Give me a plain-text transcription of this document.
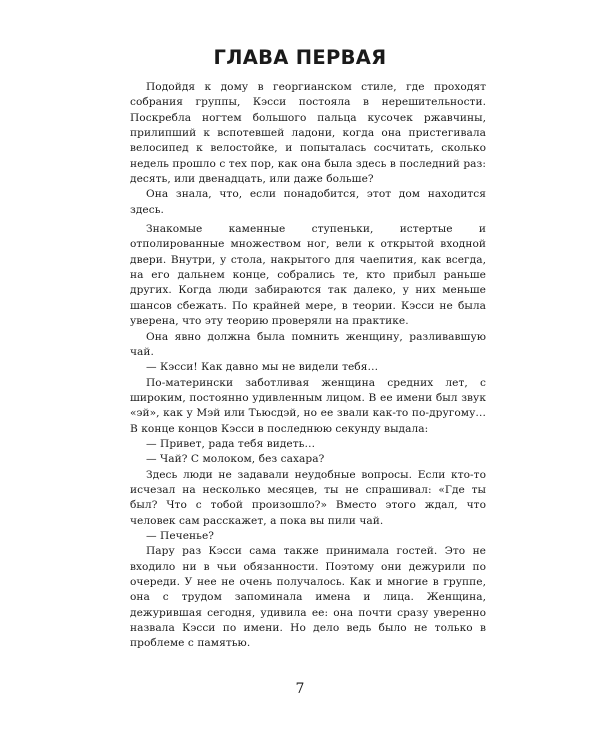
ГЛАВА ПЕРВАЯ

Подойдя к дому в георгианском стиле, где проходят собрания группы, Кэсси постояла в нерешительности. Поскребла ногтем большого пальца кусочек ржавчины, прилипший к вспотевшей ладони, когда она пристегивала велосипед к велостойке, и попыталась сосчитать, сколько недель прошло с тех пор, как она была здесь в последний раз: десять, или двенадцать, или даже больше?

Она знала, что, если понадобится, этот дом находится здесь.

Знакомые каменные ступеньки, истертые и отполированные множеством ног, вели к открытой входной двери. Внутри, у стола, накрытого для чаепития, как всегда, на его дальнем конце, собрались те, кто прибыл раньше других. Когда люди забираются так далеко, у них меньше шансов сбежать. По крайней мере, в теории. Кэсси не была уверена, что эту теорию проверяли на практике.

Она явно должна была помнить женщину, разливавшую чай.

— Кэсси! Как давно мы не видели тебя…

По-матерински заботливая женщина средних лет, с широким, постоянно удивленным лицом. В ее имени был звук «эй», как у Мэй или Тьюсдэй, но ее звали как-то по-другому… В конце концов Кэсси в последнюю секунду выдала:

— Привет, рада тебя видеть…

— Чай? С молоком, без сахара?

Здесь люди не задавали неудобные вопросы. Если кто-то исчезал на несколько месяцев, ты не спрашивал: «Где ты был? Что с тобой произошло?» Вместо этого ждал, что человек сам расскажет, а пока вы пили чай.

— Печенье?

Пару раз Кэсси сама также принимала гостей. Это не входило ни в чьи обязанности. Поэтому они дежурили по очереди. У нее не очень получалось. Как и многие в группе, она с трудом запоминала имена и лица. Женщина, дежурившая сегодня, удивила ее: она почти сразу уверенно назвала Кэсси по имени. Но дело ведь было не только в проблеме с памятью.

7
